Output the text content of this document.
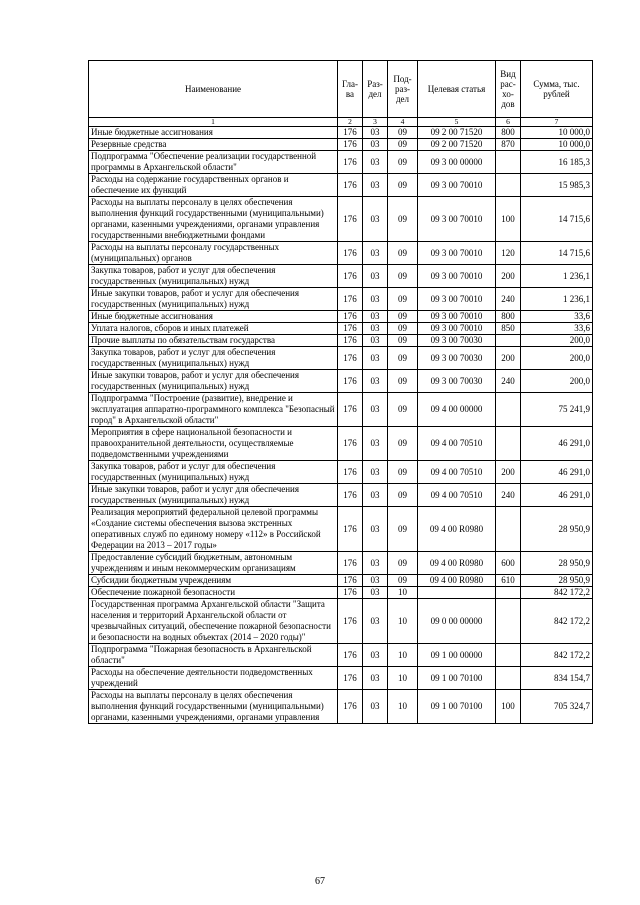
Наименование	Гла-ва	Раз-дел	Под-раз-дел	Целевая статья	Вид рас-хо-дов	Сумма, тыс. рублей
1	2	3	4	5	6	7
Иные бюджетные ассигнования	176	03	09	09 2 00 71520	800	10 000,0
Резервные средства	176	03	09	09 2 00 71520	870	10 000,0
Подпрограмма "Обеспечение реализации государственной программы в Архангельской области"	176	03	09	09 3 00 00000		16 185,3
Расходы на содержание государственных органов и обеспечение их функций	176	03	09	09 3 00 70010		15 985,3
Расходы на выплаты персоналу в целях обеспечения выполнения функций государственными (муниципальными) органами, казенными учреждениями, органами управления государственными внебюджетными фондами	176	03	09	09 3 00 70010	100	14 715,6
Расходы на выплаты персоналу государственных (муниципальных) органов	176	03	09	09 3 00 70010	120	14 715,6
Закупка товаров, работ и услуг для обеспечения государственных (муниципальных) нужд	176	03	09	09 3 00 70010	200	1 236,1
Иные закупки товаров, работ и услуг для обеспечения государственных (муниципальных) нужд	176	03	09	09 3 00 70010	240	1 236,1
Иные бюджетные ассигнования	176	03	09	09 3 00 70010	800	33,6
Уплата налогов, сборов и иных платежей	176	03	09	09 3 00 70010	850	33,6
Прочие выплаты по обязательствам государства	176	03	09	09 3 00 70030		200,0
Закупка товаров, работ и услуг для обеспечения государственных (муниципальных) нужд	176	03	09	09 3 00 70030	200	200,0
Иные закупки товаров, работ и услуг для обеспечения государственных (муниципальных) нужд	176	03	09	09 3 00 70030	240	200,0
Подпрограмма "Построение (развитие), внедрение и эксплуатация аппаратно-программного комплекса "Безопасный город" в Архангельской области"	176	03	09	09 4 00 00000		75 241,9
Мероприятия в сфере национальной безопасности и правоохранительной деятельности, осуществляемые подведомственными учреждениями	176	03	09	09 4 00 70510		46 291,0
Закупка товаров, работ и услуг для обеспечения государственных (муниципальных) нужд	176	03	09	09 4 00 70510	200	46 291,0
Иные закупки товаров, работ и услуг для обеспечения государственных (муниципальных) нужд	176	03	09	09 4 00 70510	240	46 291,0
Реализация мероприятий федеральной целевой программы «Создание системы обеспечения вызова экстренных оперативных служб по единому номеру «112» в Российской Федерации на 2013 – 2017 годы»	176	03	09	09 4 00 R0980		28 950,9
Предоставление субсидий бюджетным, автономным учреждениям и иным некоммерческим организациям	176	03	09	09 4 00 R0980	600	28 950,9
Субсидии бюджетным учреждениям	176	03	09	09 4 00 R0980	610	28 950,9
Обеспечение пожарной безопасности	176	03	10			842 172,2
Государственная программа Архангельской области "Защита населения и территорий Архангельской области от чрезвычайных ситуаций, обеспечение пожарной безопасности и безопасности на водных объектах (2014 – 2020 годы)"	176	03	10	09 0 00 00000		842 172,2
Подпрограмма "Пожарная безопасность в Архангельской области"	176	03	10	09 1 00 00000		842 172,2
Расходы на обеспечение деятельности подведомственных учреждений	176	03	10	09 1 00 70100		834 154,7
Расходы на выплаты персоналу в целях обеспечения выполнения функций государственными (муниципальными) органами, казенными учреждениями, органами управления	176	03	10	09 1 00 70100	100	705 324,7
67
